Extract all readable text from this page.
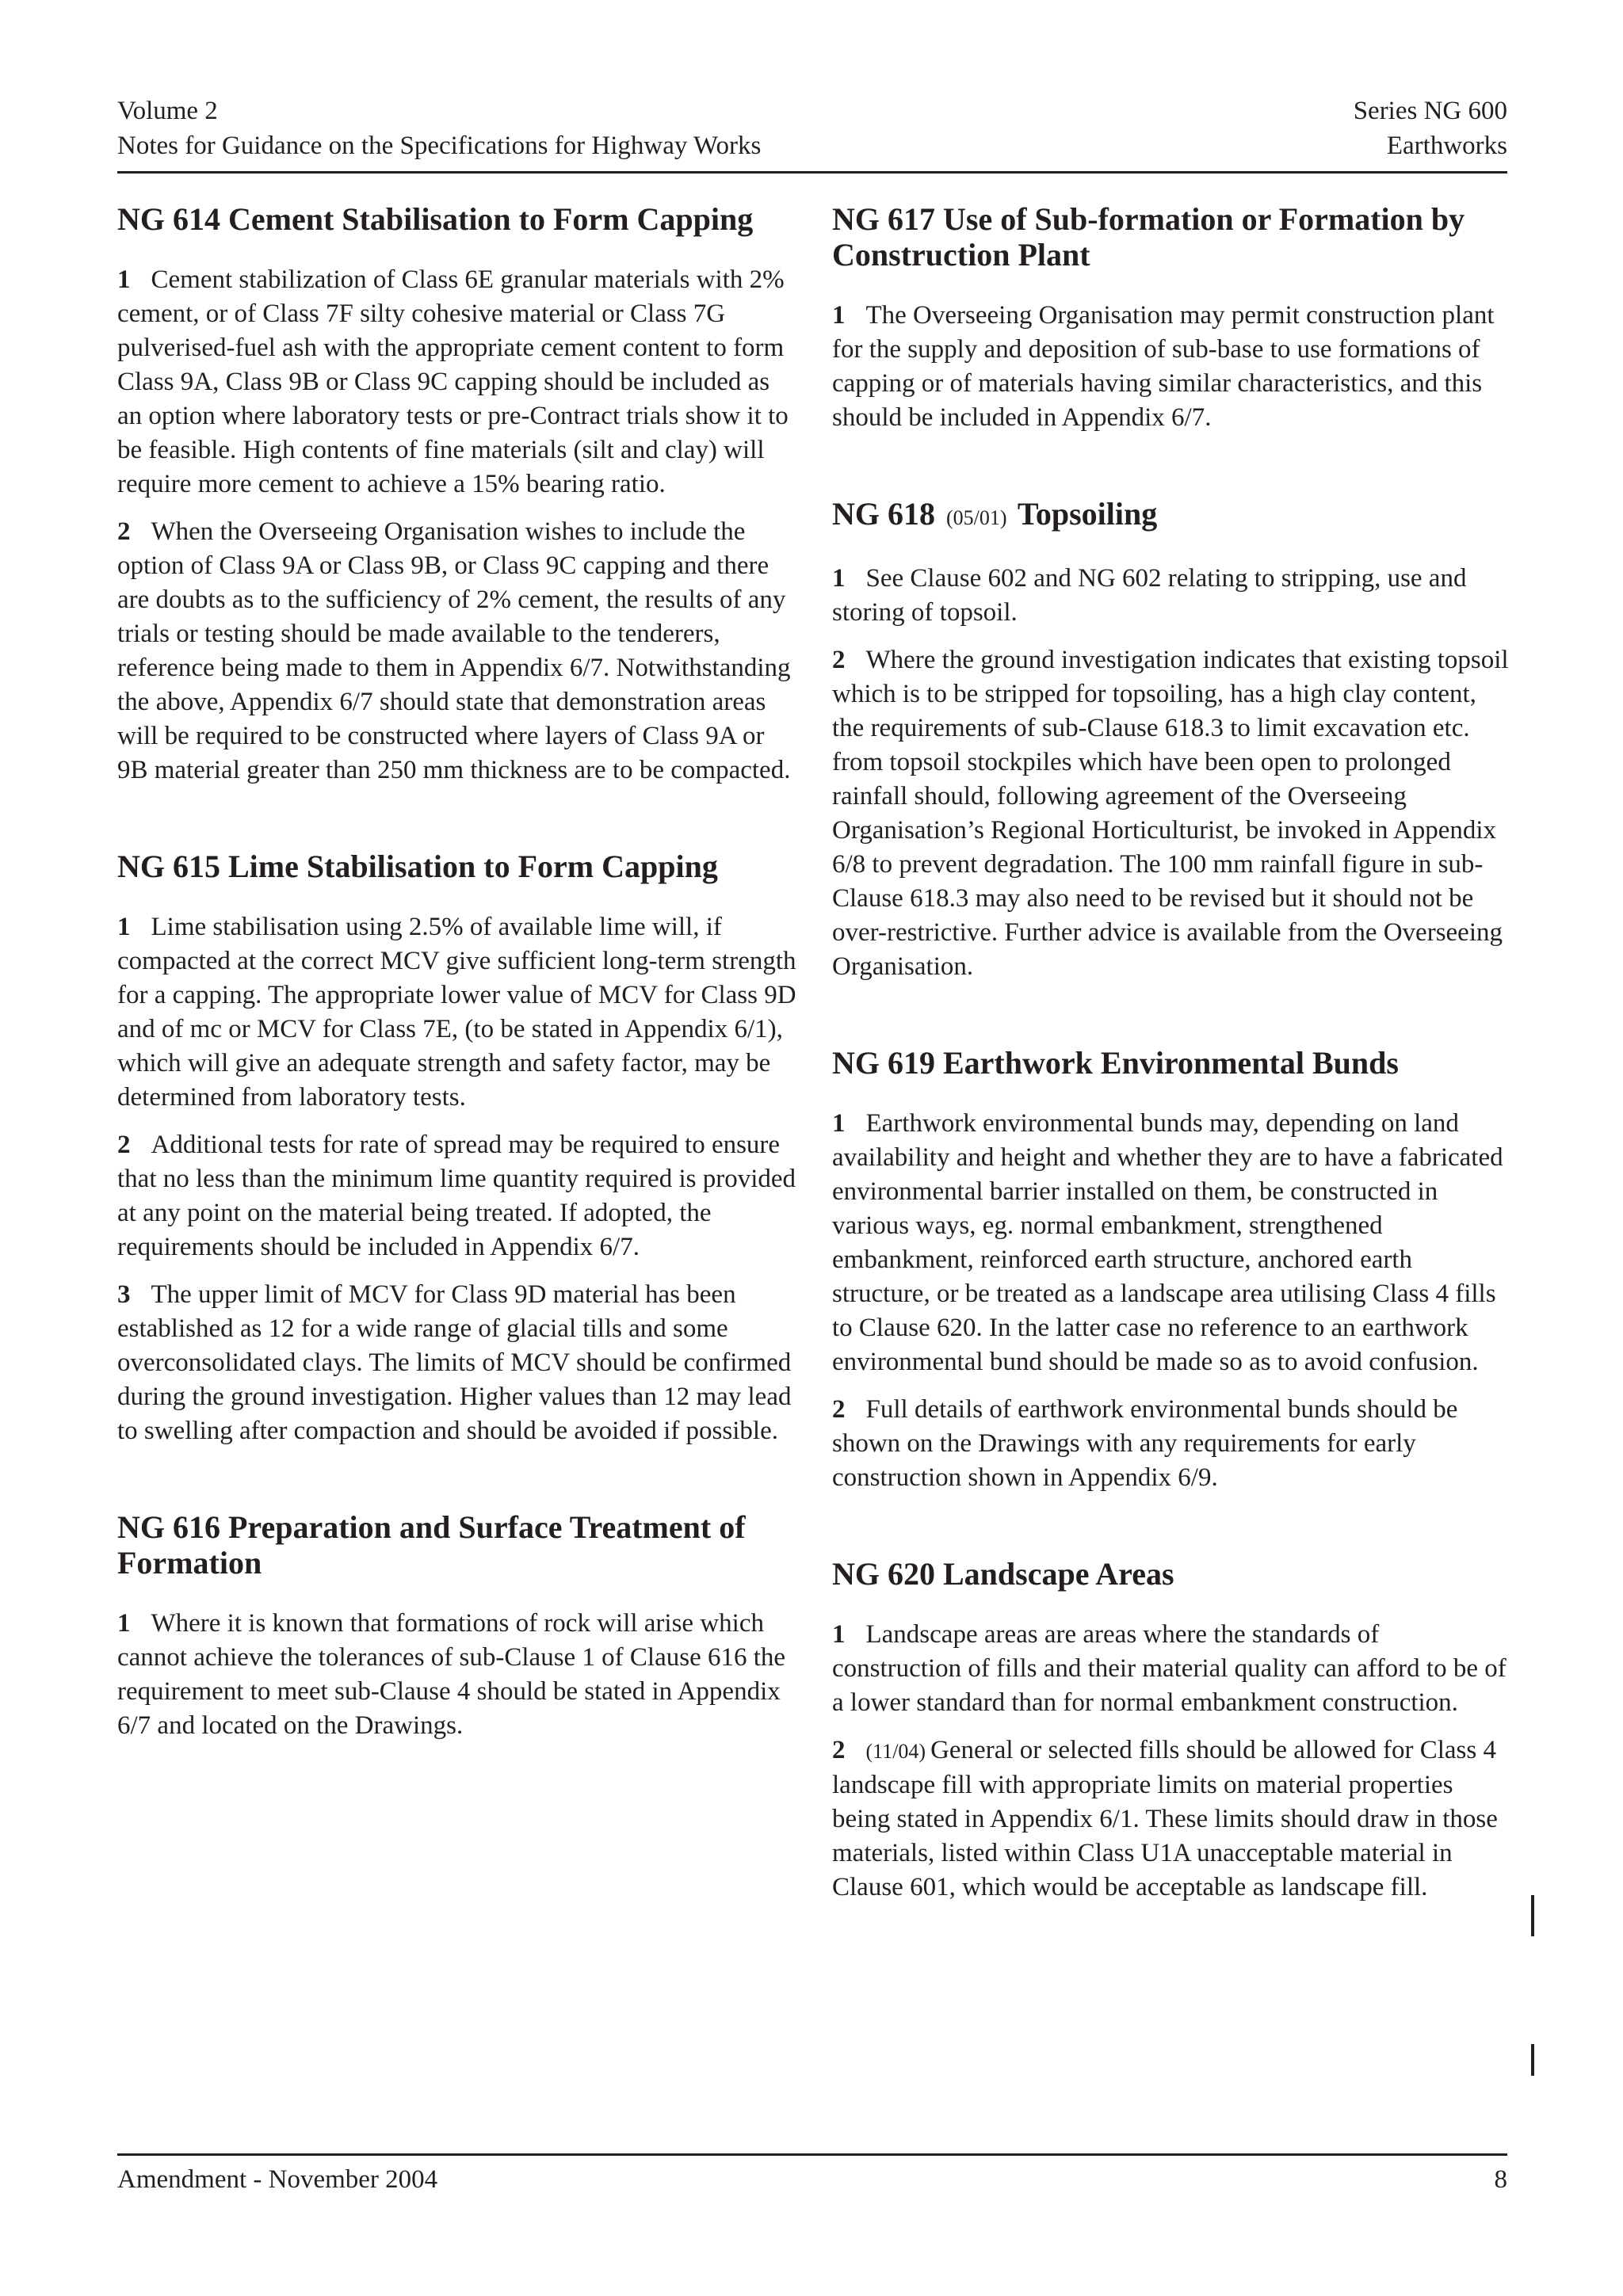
Volume 2
Notes for Guidance on the Specifications for Highway Works
Series NG 600
Earthworks
NG 614 Cement Stabilisation to Form Capping

1 Cement stabilization of Class 6E granular materials with 2% cement, or of Class 7F silty cohesive material or Class 7G pulverised-fuel ash with the appropriate cement content to form Class 9A, Class 9B or Class 9C capping should be included as an option where laboratory tests or pre-Contract trials show it to be feasible. High contents of fine materials (silt and clay) will require more cement to achieve a 15% bearing ratio.

2 When the Overseeing Organisation wishes to include the option of Class 9A or Class 9B, or Class 9C capping and there are doubts as to the sufficiency of 2% cement, the results of any trials or testing should be made available to the tenderers, reference being made to them in Appendix 6/7. Notwithstanding the above, Appendix 6/7 should state that demonstration areas will be required to be constructed where layers of Class 9A or 9B material greater than 250 mm thickness are to be compacted.

NG 615 Lime Stabilisation to Form Capping

1 Lime stabilisation using 2.5% of available lime will, if compacted at the correct MCV give sufficient long-term strength for a capping. The appropriate lower value of MCV for Class 9D and of mc or MCV for Class 7E, (to be stated in Appendix 6/1), which will give an adequate strength and safety factor, may be determined from laboratory tests.

2 Additional tests for rate of spread may be required to ensure that no less than the minimum lime quantity required is provided at any point on the material being treated. If adopted, the requirements should be included in Appendix 6/7.

3 The upper limit of MCV for Class 9D material has been established as 12 for a wide range of glacial tills and some overconsolidated clays. The limits of MCV should be confirmed during the ground investigation. Higher values than 12 may lead to swelling after compaction and should be avoided if possible.

NG 616 Preparation and Surface Treatment of Formation

1 Where it is known that formations of rock will arise which cannot achieve the tolerances of sub-Clause 1 of Clause 616 the requirement to meet sub-Clause 4 should be stated in Appendix 6/7 and located on the Drawings.

NG 617 Use of Sub-formation or Formation by Construction Plant

1 The Overseeing Organisation may permit construction plant for the supply and deposition of sub-base to use formations of capping or of materials having similar characteristics, and this should be included in Appendix 6/7.

NG 618 (05/01) Topsoiling

1 See Clause 602 and NG 602 relating to stripping, use and storing of topsoil.

2 Where the ground investigation indicates that existing topsoil which is to be stripped for topsoiling, has a high clay content, the requirements of sub-Clause 618.3 to limit excavation etc. from topsoil stockpiles which have been open to prolonged rainfall should, following agreement of the Overseeing Organisation’s Regional Horticulturist, be invoked in Appendix 6/8 to prevent degradation. The 100 mm rainfall figure in sub-Clause 618.3 may also need to be revised but it should not be over-restrictive. Further advice is available from the Overseeing Organisation.

NG 619 Earthwork Environmental Bunds

1 Earthwork environmental bunds may, depending on land availability and height and whether they are to have a fabricated environmental barrier installed on them, be constructed in various ways, eg. normal embankment, strengthened embankment, reinforced earth structure, anchored earth structure, or be treated as a landscape area utilising Class 4 fills to Clause 620. In the latter case no reference to an earthwork environmental bund should be made so as to avoid confusion.

2 Full details of earthwork environmental bunds should be shown on the Drawings with any requirements for early construction shown in Appendix 6/9.

NG 620 Landscape Areas

1 Landscape areas are areas where the standards of construction of fills and their material quality can afford to be of a lower standard than for normal embankment construction.

2 (11/04) General or selected fills should be allowed for Class 4 landscape fill with appropriate limits on material properties being stated in Appendix 6/1. These limits should draw in those materials, listed within Class U1A unacceptable material in Clause 601, which would be acceptable as landscape fill.

Amendment - November 2004	8
